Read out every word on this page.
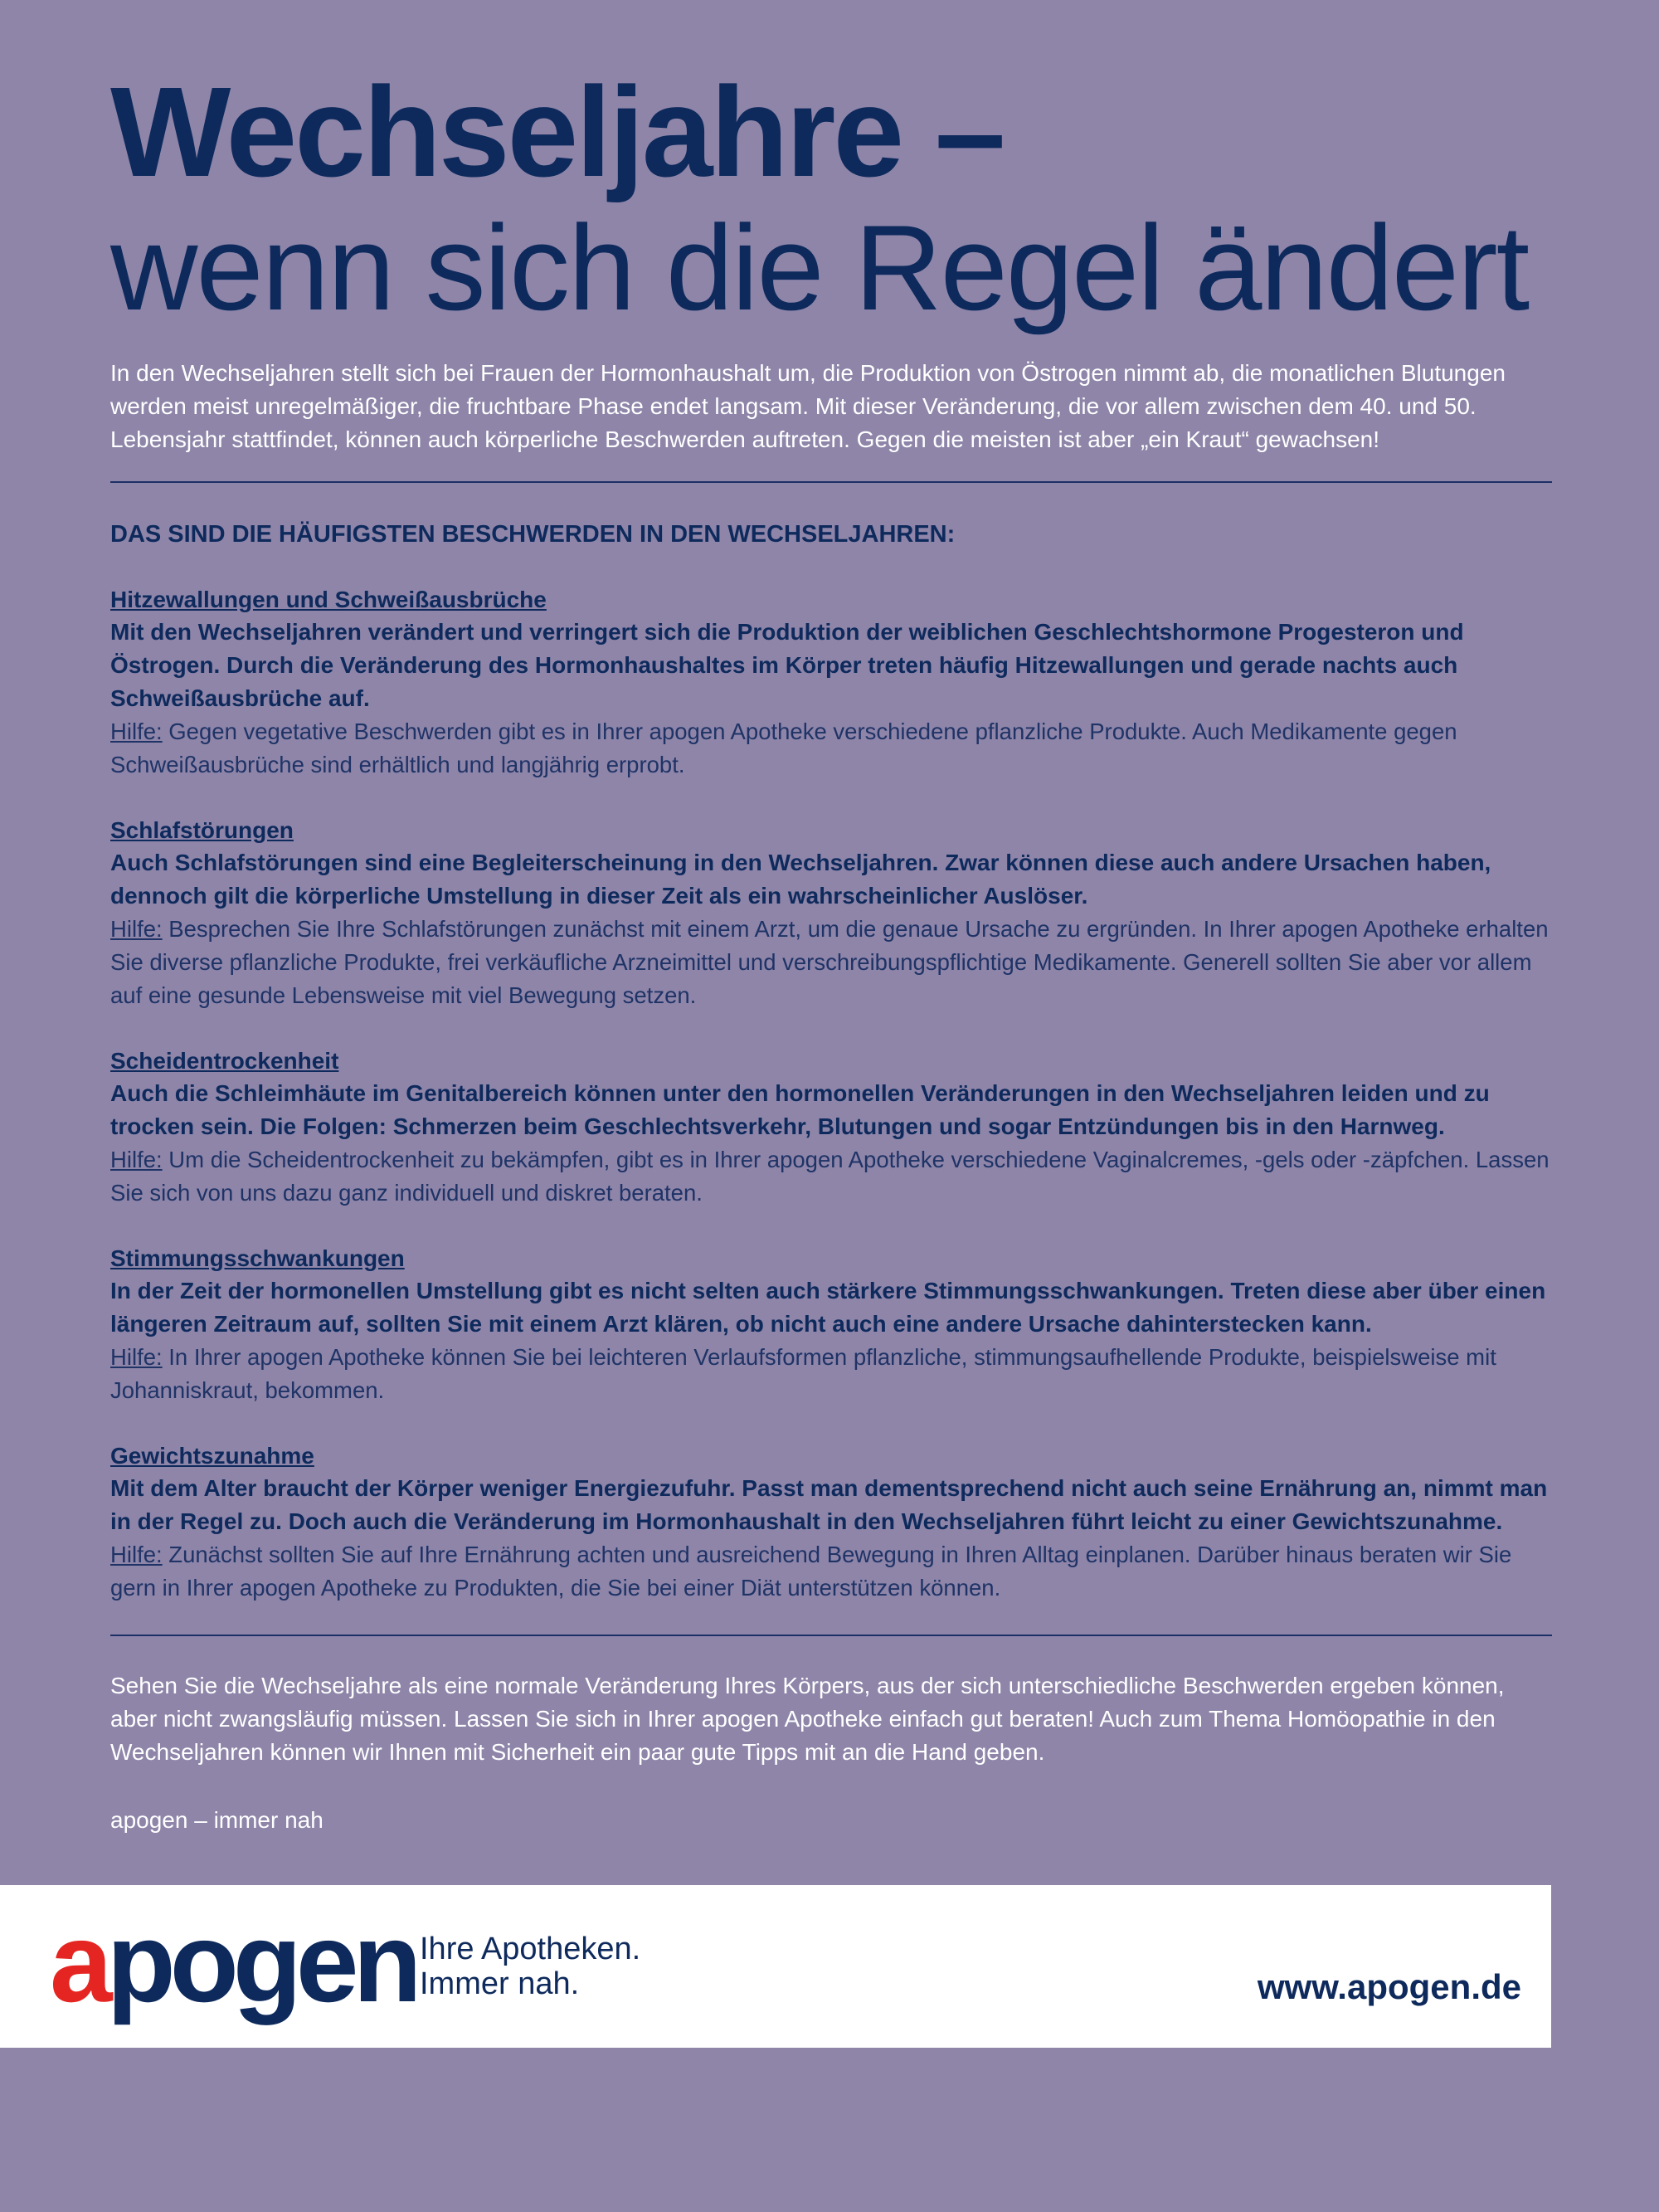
Wechseljahre –
wenn sich die Regel ändert

In den Wechseljahren stellt sich bei Frauen der Hormonhaushalt um, die Produktion von Östrogen nimmt ab, die monatlichen Blutungen werden meist unregelmäßiger, die fruchtbare Phase endet langsam. Mit dieser Veränderung, die vor allem zwischen dem 40. und 50. Lebensjahr stattfindet, können auch körperliche Beschwerden auftreten. Gegen die meisten ist aber „ein Kraut“ gewachsen!

DAS SIND DIE HÄUFIGSTEN BESCHWERDEN IN DEN WECHSELJAHREN:

Hitzewallungen und Schweißausbrüche

Mit den Wechseljahren verändert und verringert sich die Produktion der weiblichen Geschlechtshormone Progesteron und Östrogen. Durch die Veränderung des Hormonhaushaltes im Körper treten häufig Hitzewallungen und gerade nachts auch Schweißausbrüche auf.

Hilfe: Gegen vegetative Beschwerden gibt es in Ihrer apogen Apotheke verschiedene pflanzliche Produkte. Auch Medikamente gegen Schweißausbrüche sind erhältlich und langjährig erprobt.

Schlafstörungen

Auch Schlafstörungen sind eine Begleiterscheinung in den Wechseljahren. Zwar können diese auch andere Ursachen haben, dennoch gilt die körperliche Umstellung in dieser Zeit als ein wahrscheinlicher Auslöser.

Hilfe: Besprechen Sie Ihre Schlafstörungen zunächst mit einem Arzt, um die genaue Ursache zu ergründen. In Ihrer apogen Apotheke erhalten Sie diverse pflanzliche Produkte, frei verkäufliche Arzneimittel und verschreibungspflichtige Medikamente. Generell sollten Sie aber vor allem auf eine gesunde Lebensweise mit viel Bewegung setzen.

Scheidentrockenheit

Auch die Schleimhäute im Genitalbereich können unter den hormonellen Veränderungen in den Wechseljahren leiden und zu trocken sein. Die Folgen: Schmerzen beim Geschlechtsverkehr, Blutungen und sogar Entzündungen bis in den Harnweg.

Hilfe: Um die Scheidentrockenheit zu bekämpfen, gibt es in Ihrer apogen Apotheke verschiedene Vaginalcremes, -gels oder -zäpfchen. Lassen Sie sich von uns dazu ganz individuell und diskret beraten.

Stimmungsschwankungen

In der Zeit der hormonellen Umstellung gibt es nicht selten auch stärkere Stimmungsschwankungen. Treten diese aber über einen längeren Zeitraum auf, sollten Sie mit einem Arzt klären, ob nicht auch eine andere Ursache dahinterstecken kann.

Hilfe: In Ihrer apogen Apotheke können Sie bei leichteren Verlaufsformen pflanzliche, stimmungsaufhellende Produkte, beispielsweise mit Johanniskraut, bekommen.

Gewichtszunahme

Mit dem Alter braucht der Körper weniger Energiezufuhr. Passt man dementsprechend nicht auch seine Ernährung an, nimmt man in der Regel zu. Doch auch die Veränderung im Hormonhaushalt in den Wechseljahren führt leicht zu einer Gewichtszunahme.

Hilfe: Zunächst sollten Sie auf Ihre Ernährung achten und ausreichend Bewegung in Ihren Alltag einplanen. Darüber hinaus beraten wir Sie gern in Ihrer apogen Apotheke zu Produkten, die Sie bei einer Diät unterstützen können.

Sehen Sie die Wechseljahre als eine normale Veränderung Ihres Körpers, aus der sich unterschiedliche Beschwerden ergeben können, aber nicht zwangsläufig müssen. Lassen Sie sich in Ihrer apogen Apotheke einfach gut beraten! Auch zum Thema Homöopathie in den Wechseljahren können wir Ihnen mit Sicherheit ein paar gute Tipps mit an die Hand geben.

apogen – immer nah

apogen Ihre Apotheken.
Immer nah.	www.apogen.de
